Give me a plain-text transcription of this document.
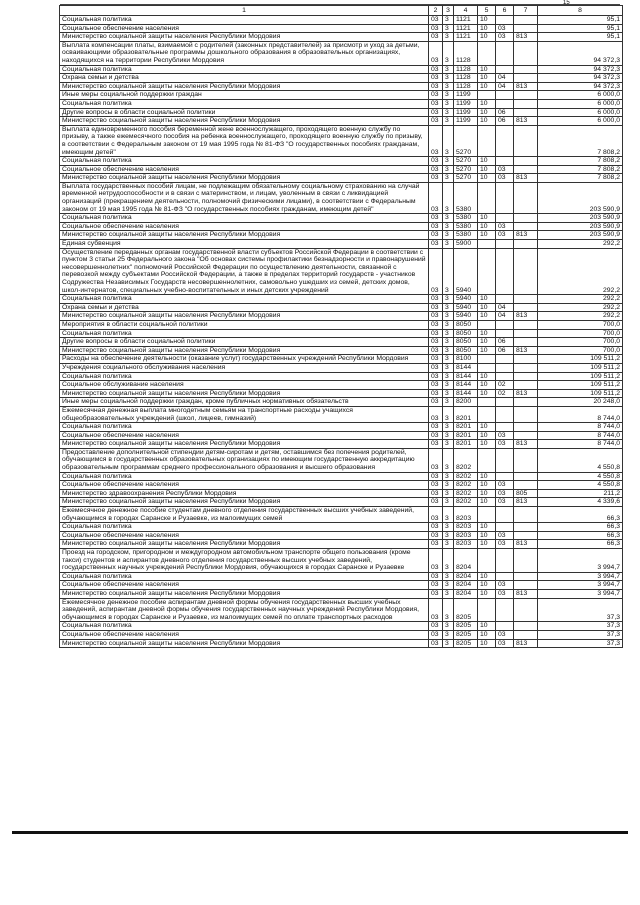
15
1	2	3	4	5	6	7	8
Социальная политика	03	3	1121	10			95,1
Социальное обеспечение населения	03	3	1121	10	03		95,1
Министерство социальной защиты населения Республики Мордовия	03	3	1121	10	03	813	95,1
Выплата компенсации платы, взимаемой с родителей (законных представителей) за присмотр и уход за детьми, осваивающими образовательные программы дошкольного образования в образовательных организациях, находящихся на территории Республики Мордовия	03	3	1128				94 372,3
Социальная политика	03	3	1128	10			94 372,3
Охрана семьи и детства	03	3	1128	10	04		94 372,3
Министерство социальной защиты населения Республики Мордовия	03	3	1128	10	04	813	94 372,3
Иные меры социальной поддержки граждан	03	3	1199				6 000,0
Социальная политика	03	3	1199	10			6 000,0
Другие вопросы в области социальной политики	03	3	1199	10	06		6 000,0
Министерство социальной защиты населения Республики Мордовия	03	3	1199	10	06	813	6 000,0
Выплата единовременного пособия беременной жене военнослужащего, проходящего военную службу по призыву, а также ежемесячного пособия на ребенка военнослужащего, проходящего военную службу по призыву, в соответствии с Федеральным законом от 19 мая 1995 года № 81-ФЗ "О государственных пособиях гражданам, имеющим детей"	03	3	5270				7 808,2
Социальная политика	03	3	5270	10			7 808,2
Социальное обеспечение населения	03	3	5270	10	03		7 808,2
Министерство социальной защиты населения Республики Мордовия	03	3	5270	10	03	813	7 808,2
Выплата государственных пособий лицам, не подлежащим обязательному социальному страхованию на случай временной нетрудоспособности и в связи с материнством, и лицам, уволенным в связи с ликвидацией организаций (прекращением деятельности, полномочий физическими лицами), в соответствии с Федеральным законом от 19 мая 1995 года № 81-ФЗ "О государственных пособиях гражданам, имеющим детей"	03	3	5380				203 590,9
Социальная политика	03	3	5380	10			203 590,9
Социальное обеспечение населения	03	3	5380	10	03		203 590,9
Министерство социальной защиты населения Республики Мордовия	03	3	5380	10	03	813	203 590,9
Единая субвенция	03	3	5900				292,2
Осуществление переданных органам государственной власти субъектов Российской Федерации в соответствии с пунктом 3 статьи 25 Федерального закона "Об основах системы профилактики безнадзорности и правонарушений несовершеннолетних" полномочий Российской Федерации по осуществлению деятельности, связанной с перевозкой между субъектами Российской Федерации, а также в пределах территорий государств - участников Содружества Независимых Государств несовершеннолетних, самовольно ушедших из семей, детских домов, школ-интернатов, специальных учебно-воспитательных и иных детских учреждений	03	3	5940				292,2
Социальная политика	03	3	5940	10			292,2
Охрана семьи и детства	03	3	5940	10	04		292,2
Министерство социальной защиты населения Республики Мордовия	03	3	5940	10	04	813	292,2
Мероприятия в области социальной политики	03	3	8050				700,0
Социальная политика	03	3	8050	10			700,0
Другие вопросы в области социальной политики	03	3	8050	10	06		700,0
Министерство социальной защиты населения Республики Мордовия	03	3	8050	10	06	813	700,0
Расходы на обеспечение деятельности (оказание услуг) государственных учреждений Республики Мордовия	03	3	8100				109 511,2
Учреждения социального обслуживания населения	03	3	8144				109 511,2
Социальная политика	03	3	8144	10			109 511,2
Социальное обслуживание населения	03	3	8144	10	02		109 511,2
Министерство социальной защиты населения Республики Мордовия	03	3	8144	10	02	813	109 511,2
Иные меры социальной поддержки граждан, кроме публичных нормативных обязательств	03	3	8200				20 248,0
Ежемесячная денежная выплата многодетным семьям на транспортные расходы учащихся общеобразовательных учреждений (школ, лицеев, гимназий)	03	3	8201				8 744,0
Социальная политика	03	3	8201	10			8 744,0
Социальное обеспечение населения	03	3	8201	10	03		8 744,0
Министерство социальной защиты населения Республики Мордовия	03	3	8201	10	03	813	8 744,0
Предоставление дополнительной стипендии детям-сиротам и детям, оставшимся без попечения родителей, обучающимся в государственных образовательных организациях по имеющим государственную аккредитацию образовательным программам среднего профессионального образования и высшего образования	03	3	8202				4 550,8
Социальная политика	03	3	8202	10			4 550,8
Социальное обеспечение населения	03	3	8202	10	03		4 550,8
Министерство здравоохранения Республики Мордовия	03	3	8202	10	03	805	211,2
Министерство социальной защиты населения Республики Мордовия	03	3	8202	10	03	813	4 339,6
Ежемесячное денежное пособие студентам дневного отделения государственных высших учебных заведений, обучающимся в городах Саранске и Рузаевке, из малоимущих семей	03	3	8203				66,3
Социальная политика	03	3	8203	10			66,3
Социальное обеспечение населения	03	3	8203	10	03		66,3
Министерство социальной защиты населения Республики Мордовия	03	3	8203	10	03	813	66,3
Проезд на городском, пригородном и междугородном автомобильном транспорте общего пользования (кроме такси) студентов и аспирантов дневного отделения государственных высших учебных заведений, государственных научных учреждений Республики Мордовия, обучающихся в городах Саранске и Рузаевке	03	3	8204				3 994,7
Социальная политика	03	3	8204	10			3 994,7
Социальное обеспечение населения	03	3	8204	10	03		3 994,7
Министерство социальной защиты населения Республики Мордовия	03	3	8204	10	03	813	3 994,7
Ежемесячное денежное пособие аспирантам дневной формы обучения государственных высших учебных заведений, аспирантам дневной формы обучения государственных научных учреждений Республики Мордовия, обучающимся в городах Саранске и Рузаевке, из малоимущих семей по оплате транспортных расходов	03	3	8205				37,3
Социальная политика	03	3	8205	10			37,3
Социальное обеспечение населения	03	3	8205	10	03		37,3
Министерство социальной защиты населения Республики Мордовия	03	3	8205	10	03	813	37,3
